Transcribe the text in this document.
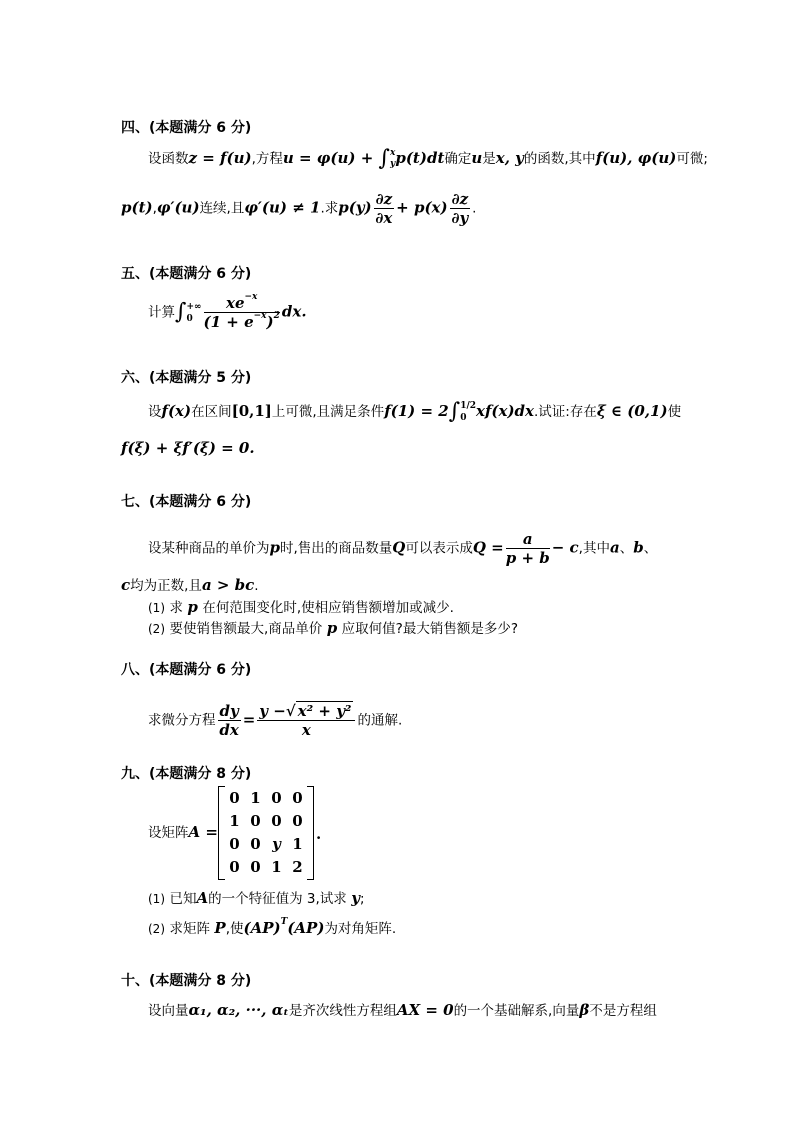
四、(本题满分 6 分)
设函数z = f(u),方程u = φ(u) + ∫ x
y p(t)dt确定u是x, y的函数,其中f(u), φ(u)可微;
p(t),φ′(u)连续,且φ′(u) ≠ 1.求$p(y) \frac{\partial z}{\partial x} + p(x) \frac{\partial z}{\partial y}$ .
五、(本题满分 6 分)
计算∫ +∞
$0 \frac{xe^{-x}}{(1 + e^{-x})^2}$ dx.
六、(本题满分 5 分)
设f(x)在区间[0,1]上可微,且满足条件f(1) = 2∫ 1/2
0 xf(x)dx.试证:存在ξ ∈ (0,1)使
f(ξ) + ξf′(ξ) = 0.
七、(本题满分 6 分)
设某种商品的单价为p时,售出的商品数量Q可以表示成$Q = \frac{a}{p + b} - c$,其中a、b、
c均为正数,且a > bc.
(1) 求 p 在何范围变化时,使相应销售额增加或减少.
(2) 要使销售额最大,商品单价 p 应取何值?最大销售额是多少?
八、(本题满分 6 分)
求微分方程 $\frac{dy}{dx} = \frac{\text{y −√ x² + y²}}{x}$ 的通解.
九、(本题满分 8 分)
设矩阵A =
0	1	0	0
1	0	0	0
0	0	y	1
0	0	1	2
.
(1) 已知A的一个特征值为 3,试求 y;
(2) 求矩阵 P,使(AP)$^T$(AP)为对角矩阵.
十、(本题满分 8 分)
设向量α₁, α₂, ···, αₜ是齐次线性方程组AX = 0的一个基础解系,向量β不是方程组
